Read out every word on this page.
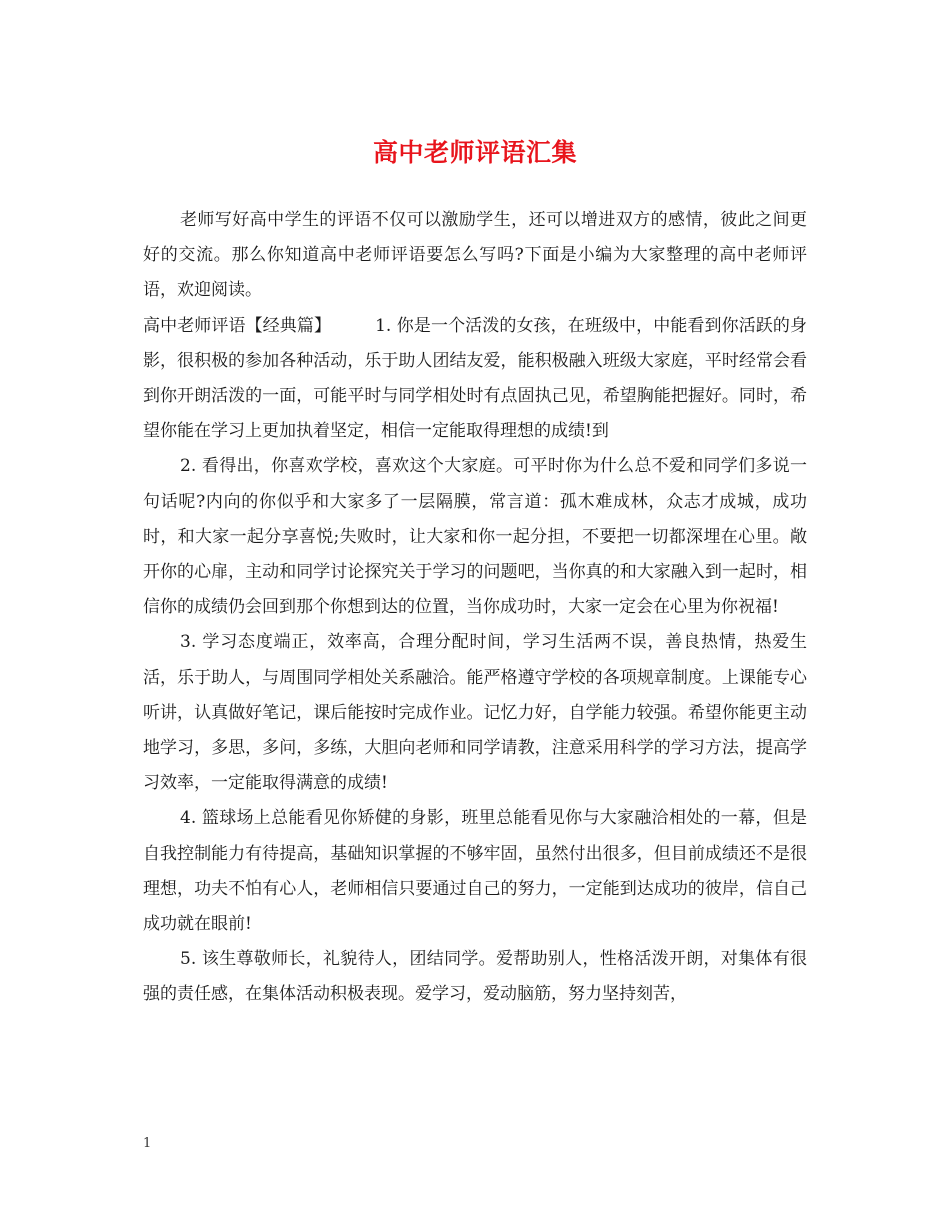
高中老师评语汇集

老师写好高中学生的评语不仅可以激励学生，还可以增进双方的感情，彼此之间更好的交流。那么你知道高中老师评语要怎么写吗?下面是小编为大家整理的高中老师评语，欢迎阅读。

高中老师评语【经典篇】	1. 你是一个活泼的女孩，在班级中，中能看到你活跃的身影，很积极的参加各种活动，乐于助人团结友爱，能积极融入班级大家庭，平时经常会看到你开朗活泼的一面，可能平时与同学相处时有点固执己见，希望胸能把握好。同时，希望你能在学习上更加执着坚定，相信一定能取得理想的成绩!到

2. 看得出，你喜欢学校，喜欢这个大家庭。可平时你为什么总不爱和同学们多说一句话呢?内向的你似乎和大家多了一层隔膜，常言道：孤木难成林，众志才成城，成功时，和大家一起分享喜悦;失败时，让大家和你一起分担，不要把一切都深埋在心里。敞开你的心扉，主动和同学讨论探究关于学习的问题吧，当你真的和大家融入到一起时，相信你的成绩仍会回到那个你想到达的位置，当你成功时，大家一定会在心里为你祝福!

3. 学习态度端正，效率高，合理分配时间，学习生活两不误，善良热情，热爱生活，乐于助人，与周围同学相处关系融洽。能严格遵守学校的各项规章制度。上课能专心听讲，认真做好笔记，课后能按时完成作业。记忆力好，自学能力较强。希望你能更主动地学习，多思，多问，多练，大胆向老师和同学请教，注意采用科学的学习方法，提高学习效率，一定能取得满意的成绩!

4. 篮球场上总能看见你矫健的身影，班里总能看见你与大家融洽相处的一幕，但是自我控制能力有待提高，基础知识掌握的不够牢固，虽然付出很多，但目前成绩还不是很理想，功夫不怕有心人，老师相信只要通过自己的努力，一定能到达成功的彼岸，信自己成功就在眼前!

5. 该生尊敬师长，礼貌待人，团结同学。爱帮助别人，性格活泼开朗，对集体有很强的责任感，在集体活动积极表现。爱学习，爱动脑筋，努力坚持刻苦，

1
